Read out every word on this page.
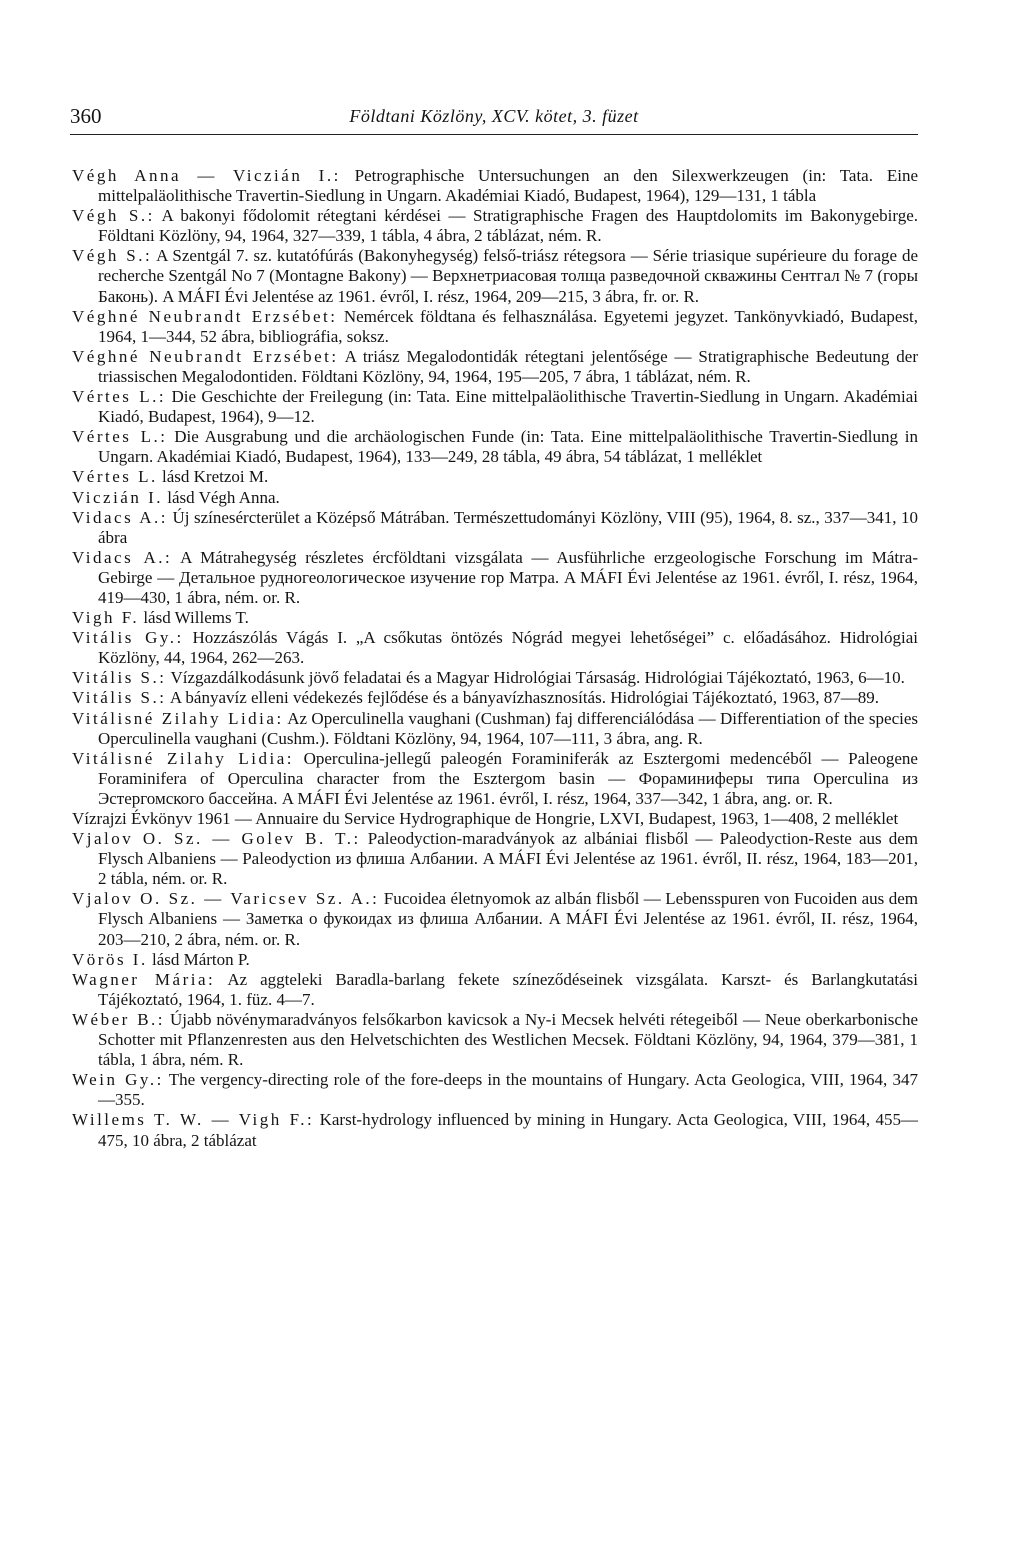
360	Földtani Közlöny, XCV. kötet, 3. füzet
Végh Anna — Viczián I.: Petrographische Untersuchungen an den Silexwerkzeugen (in: Tata. Eine mittelpaläolithische Travertin-Siedlung in Ungarn. Akadémiai Kiadó, Budapest, 1964), 129—131, 1 tábla
Végh S.: A bakonyi fődolomit rétegtani kérdései — Stratigraphische Fragen des Hauptdolomits im Bakonygebirge. Földtani Közlöny, 94, 1964, 327—339, 1 tábla, 4 ábra, 2 táblázat, ném. R.
Végh S.: A Szentgál 7. sz. kutatófúrás (Bakonyhegység) felső-triász rétegsora — Série triasique supérieure du forage de recherche Szentgál No 7 (Montagne Bakony) — Верхнетриасовая толща разведочной скважины Сентгал № 7 (горы Баконь). A MÁFI Évi Jelentése az 1961. évről, I. rész, 1964, 209—215, 3 ábra, fr. or. R.
Véghné Neubrandt Erzsébet: Nemércek földtana és felhasználása. Egyetemi jegyzet. Tankönyvkiadó, Budapest, 1964, 1—344, 52 ábra, bibliográfia, soksz.
Véghné Neubrandt Erzsébet: A triász Megalodontidák rétegtani jelentősége — Stratigraphische Bedeutung der triassischen Megalodontiden. Földtani Közlöny, 94, 1964, 195—205, 7 ábra, 1 táblázat, ném. R.
Vértes L.: Die Geschichte der Freilegung (in: Tata. Eine mittelpaläolithische Travertin-Siedlung in Ungarn. Akadémiai Kiadó, Budapest, 1964), 9—12.
Vértes L.: Die Ausgrabung und die archäologischen Funde (in: Tata. Eine mittelpaläolithische Travertin-Siedlung in Ungarn. Akadémiai Kiadó, Budapest, 1964), 133—249, 28 tábla, 49 ábra, 54 táblázat, 1 melléklet
Vértes L. lásd Kretzoi M.
Viczián I. lásd Végh Anna.
Vidacs A.: Új színesércterület a Középső Mátrában. Természettudományi Közlöny, VIII (95), 1964, 8. sz., 337—341, 10 ábra
Vidacs A.: A Mátrahegység részletes ércföldtani vizsgálata — Ausführliche erzgeologische Forschung im Mátra-Gebirge — Детальное рудногеологическое изучение гор Матра. A MÁFI Évi Jelentése az 1961. évről, I. rész, 1964, 419—430, 1 ábra, ném. or. R.
Vigh F. lásd Willems T.
Vitális Gy.: Hozzászólás Vágás I. „A csőkutas öntözés Nógrád megyei lehetőségei” c. előadásához. Hidrológiai Közlöny, 44, 1964, 262—263.
Vitális S.: Vízgazdálkodásunk jövő feladatai és a Magyar Hidrológiai Társaság. Hidrológiai Tájékoztató, 1963, 6—10.
Vitális S.: A bányavíz elleni védekezés fejlődése és a bányavízhasznosítás. Hidrológiai Tájékoztató, 1963, 87—89.
Vitálisné Zilahy Lidia: Az Operculinella vaughani (Cushman) faj differenciálódása — Differentiation of the species Operculinella vaughani (Cushm.). Földtani Közlöny, 94, 1964, 107—111, 3 ábra, ang. R.
Vitálisné Zilahy Lidia: Operculina-jellegű paleogén Foraminiferák az Esztergomi medencéből — Paleogene Foraminifera of Operculina character from the Esztergom basin — Фораминиферы типа Operculina из Эстергомского бассейна. A MÁFI Évi Jelentése az 1961. évről, I. rész, 1964, 337—342, 1 ábra, ang. or. R.
Vízrajzi Évkönyv 1961 — Annuaire du Service Hydrographique de Hongrie, LXVI, Budapest, 1963, 1—408, 2 melléklet
Vjalov O. Sz. — Golev B. T.: Paleodyction-maradványok az albániai flisből — Paleodyction-Reste aus dem Flysch Albaniens — Paleodyction из флиша Албании. A MÁFI Évi Jelentése az 1961. évről, II. rész, 1964, 183—201, 2 tábla, ném. or. R.
Vjalov O. Sz. — Varicsev Sz. A.: Fucoidea életnyomok az albán flisből — Lebensspuren von Fucoiden aus dem Flysch Albaniens — Заметка о фукоидах из флиша Албании. A MÁFI Évi Jelentése az 1961. évről, II. rész, 1964, 203—210, 2 ábra, ném. or. R.
Vörös I. lásd Márton P.
Wagner Mária: Az aggteleki Baradla-barlang fekete színeződéseinek vizsgálata. Karszt- és Barlangkutatási Tájékoztató, 1964, 1. füz. 4—7.
Wéber B.: Újabb növénymaradványos felsőkarbon kavicsok a Ny-i Mecsek helvéti rétegeiből — Neue oberkarbonische Schotter mit Pflanzenresten aus den Helvetschichten des Westlichen Mecsek. Földtani Közlöny, 94, 1964, 379—381, 1 tábla, 1 ábra, ném. R.
Wein Gy.: The vergency-directing role of the fore-deeps in the mountains of Hungary. Acta Geologica, VIII, 1964, 347—355.
Willems T. W. — Vigh F.: Karst-hydrology influenced by mining in Hungary. Acta Geologica, VIII, 1964, 455—475, 10 ábra, 2 táblázat
